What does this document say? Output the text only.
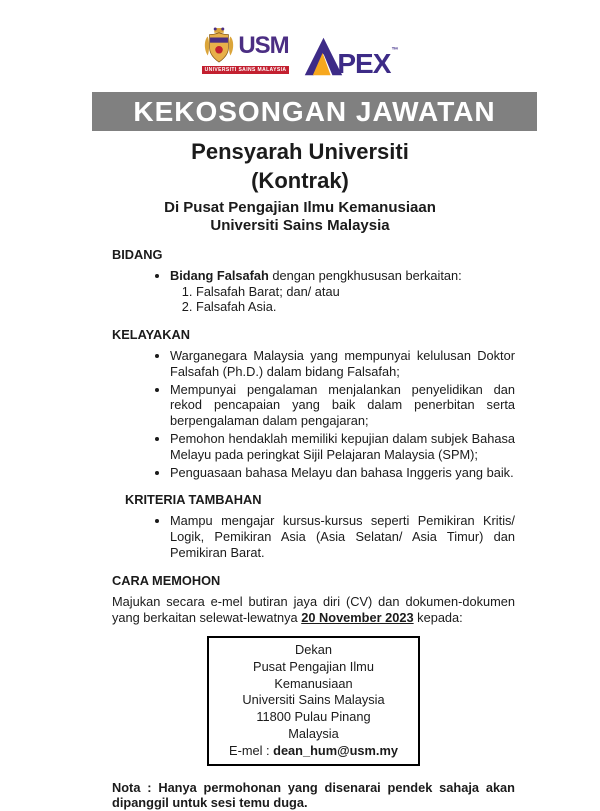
USM
UNIVERSITI SAINS MALAYSIA PEX ™
KEKOSONGAN JAWATAN
Pensyarah Universiti
(Kontrak)
Di Pusat Pengajian Ilmu Kemanusiaan
Universiti Sains Malaysia
BIDANG
• Bidang Falsafah dengan pengkhususan berkaitan:
1. Falsafah Barat; dan/ atau
2. Falsafah Asia.
KELAYAKAN
• Warganegara Malaysia yang mempunyai kelulusan Doktor Falsafah (Ph.D.) dalam bidang Falsafah;
• Mempunyai pengalaman menjalankan penyelidikan dan rekod pencapaian yang baik dalam penerbitan serta berpengalaman dalam pengajaran;
• Pemohon hendaklah memiliki kepujian dalam subjek Bahasa Melayu pada peringkat Sijil Pelajaran Malaysia (SPM);
• Penguasaan bahasa Melayu dan bahasa Inggeris yang baik.
KRITERIA TAMBAHAN
• Mampu mengajar kursus-kursus seperti Pemikiran Kritis/ Logik, Pemikiran Asia (Asia Selatan/ Asia Timur) dan Pemikiran Barat.
CARA MEMOHON

Majukan secara e-mel butiran jaya diri (CV) dan dokumen-dokumen yang berkaitan selewat-lewatnya 20 November 2023 kepada:

Dekan
Pusat Pengajian Ilmu Kemanusiaan
Universiti Sains Malaysia
11800 Pulau Pinang
Malaysia
E-mel : dean_hum@usm.my

Nota : Hanya permohonan yang disenarai pendek sahaja akan dipanggil untuk sesi temu duga.
